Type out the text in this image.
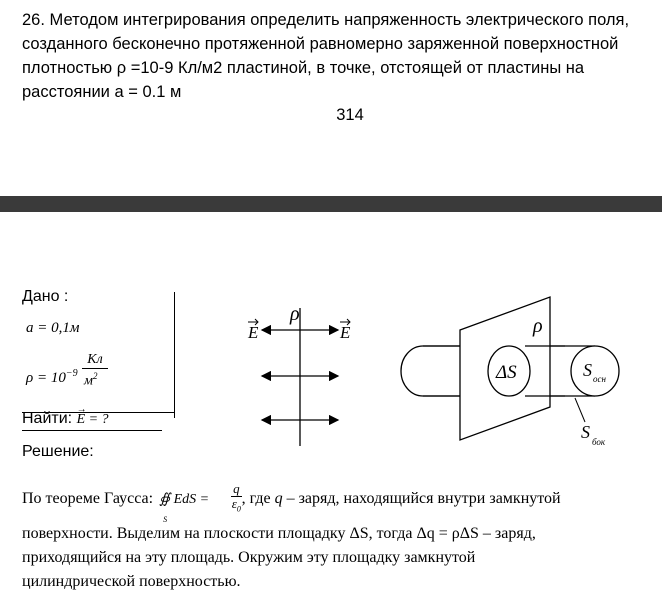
26. Методом интегрирования определить напряженность электрического поля, созданного бесконечно протяженной равномерно заряженной поверхностной плотностью ρ =10-9 Кл/м2 пластиной, в точке, отстоящей от пластины на расстоянии a = 0.1 м
314
Дано :
a = 0,1м
$\rho = 10^{-9}$
Кл
$м^2$
Найти:
→
E = ?
Решение:
ρ
E	E	ρ
ΔS	S осн
S бок
По теореме Гаусса: ∯ EdS =
S

$\frac{q}{\varepsilon_0}$ , где q – заряд, находящийся внутри замкнутой
поверхности. Выделим на плоскости площадку ΔS, тогда Δq = ρΔS – заряд,
приходящийся на эту площадь. Окружим эту площадку замкнутой
цилиндрической поверхностью.
